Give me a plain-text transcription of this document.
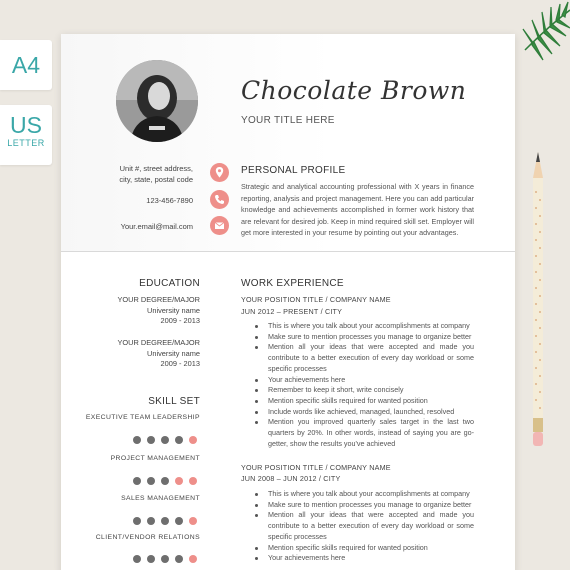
A4
US
LETTER
Chocolate Brown
YOUR TITLE HERE
Unit #, street address,
city, state, postal code
123-456-7890
Your.email@mail.com
PERSONAL PROFILE
Strategic and analytical accounting professional with X years in finance reporting, analysis and project management. Here you can add particular knowledge and achievements accomplished in former work history that are relevant for desired job. Keep in mind required skill set. Employer will get more interested in your resume by pointing out your advantages.
EDUCATION
YOUR DEGREE/MAJOR
University name
2009 - 2013
YOUR DEGREE/MAJOR
University name
2009 - 2013
SKILL SET
EXECUTIVE TEAM LEADERSHIP
PROJECT MANAGEMENT
SALES MANAGEMENT
CLIENT/VENDOR RELATIONS
WORK EXPERIENCE
YOUR POSITION TITLE / COMPANY NAME
JUN 2012 – PRESENT / CITY
This is where you talk about your accomplishments at company
Make sure to mention processes you manage to organize better
Mention all your ideas that were accepted and made you contribute to a better execution of every day workload or some specific processes
Your achievements here
Remember to keep it short, write concisely
Mention specific skills required for wanted position
Include words like achieved, managed, launched, resolved
Mention you improved quarterly sales target in the last two quarters by 20%. In other words, instead of saying you are go-getter, show the results you've achieved
YOUR POSITION TITLE / COMPANY NAME
JUN 2008 – JUN 2012 / CITY
This is where you talk about your accomplishments at company
Make sure to mention processes you manage to organize better
Mention all your ideas that were accepted and made you contribute to a better execution of every day workload or some specific processes
Mention specific skills required for wanted position
Your achievements here
